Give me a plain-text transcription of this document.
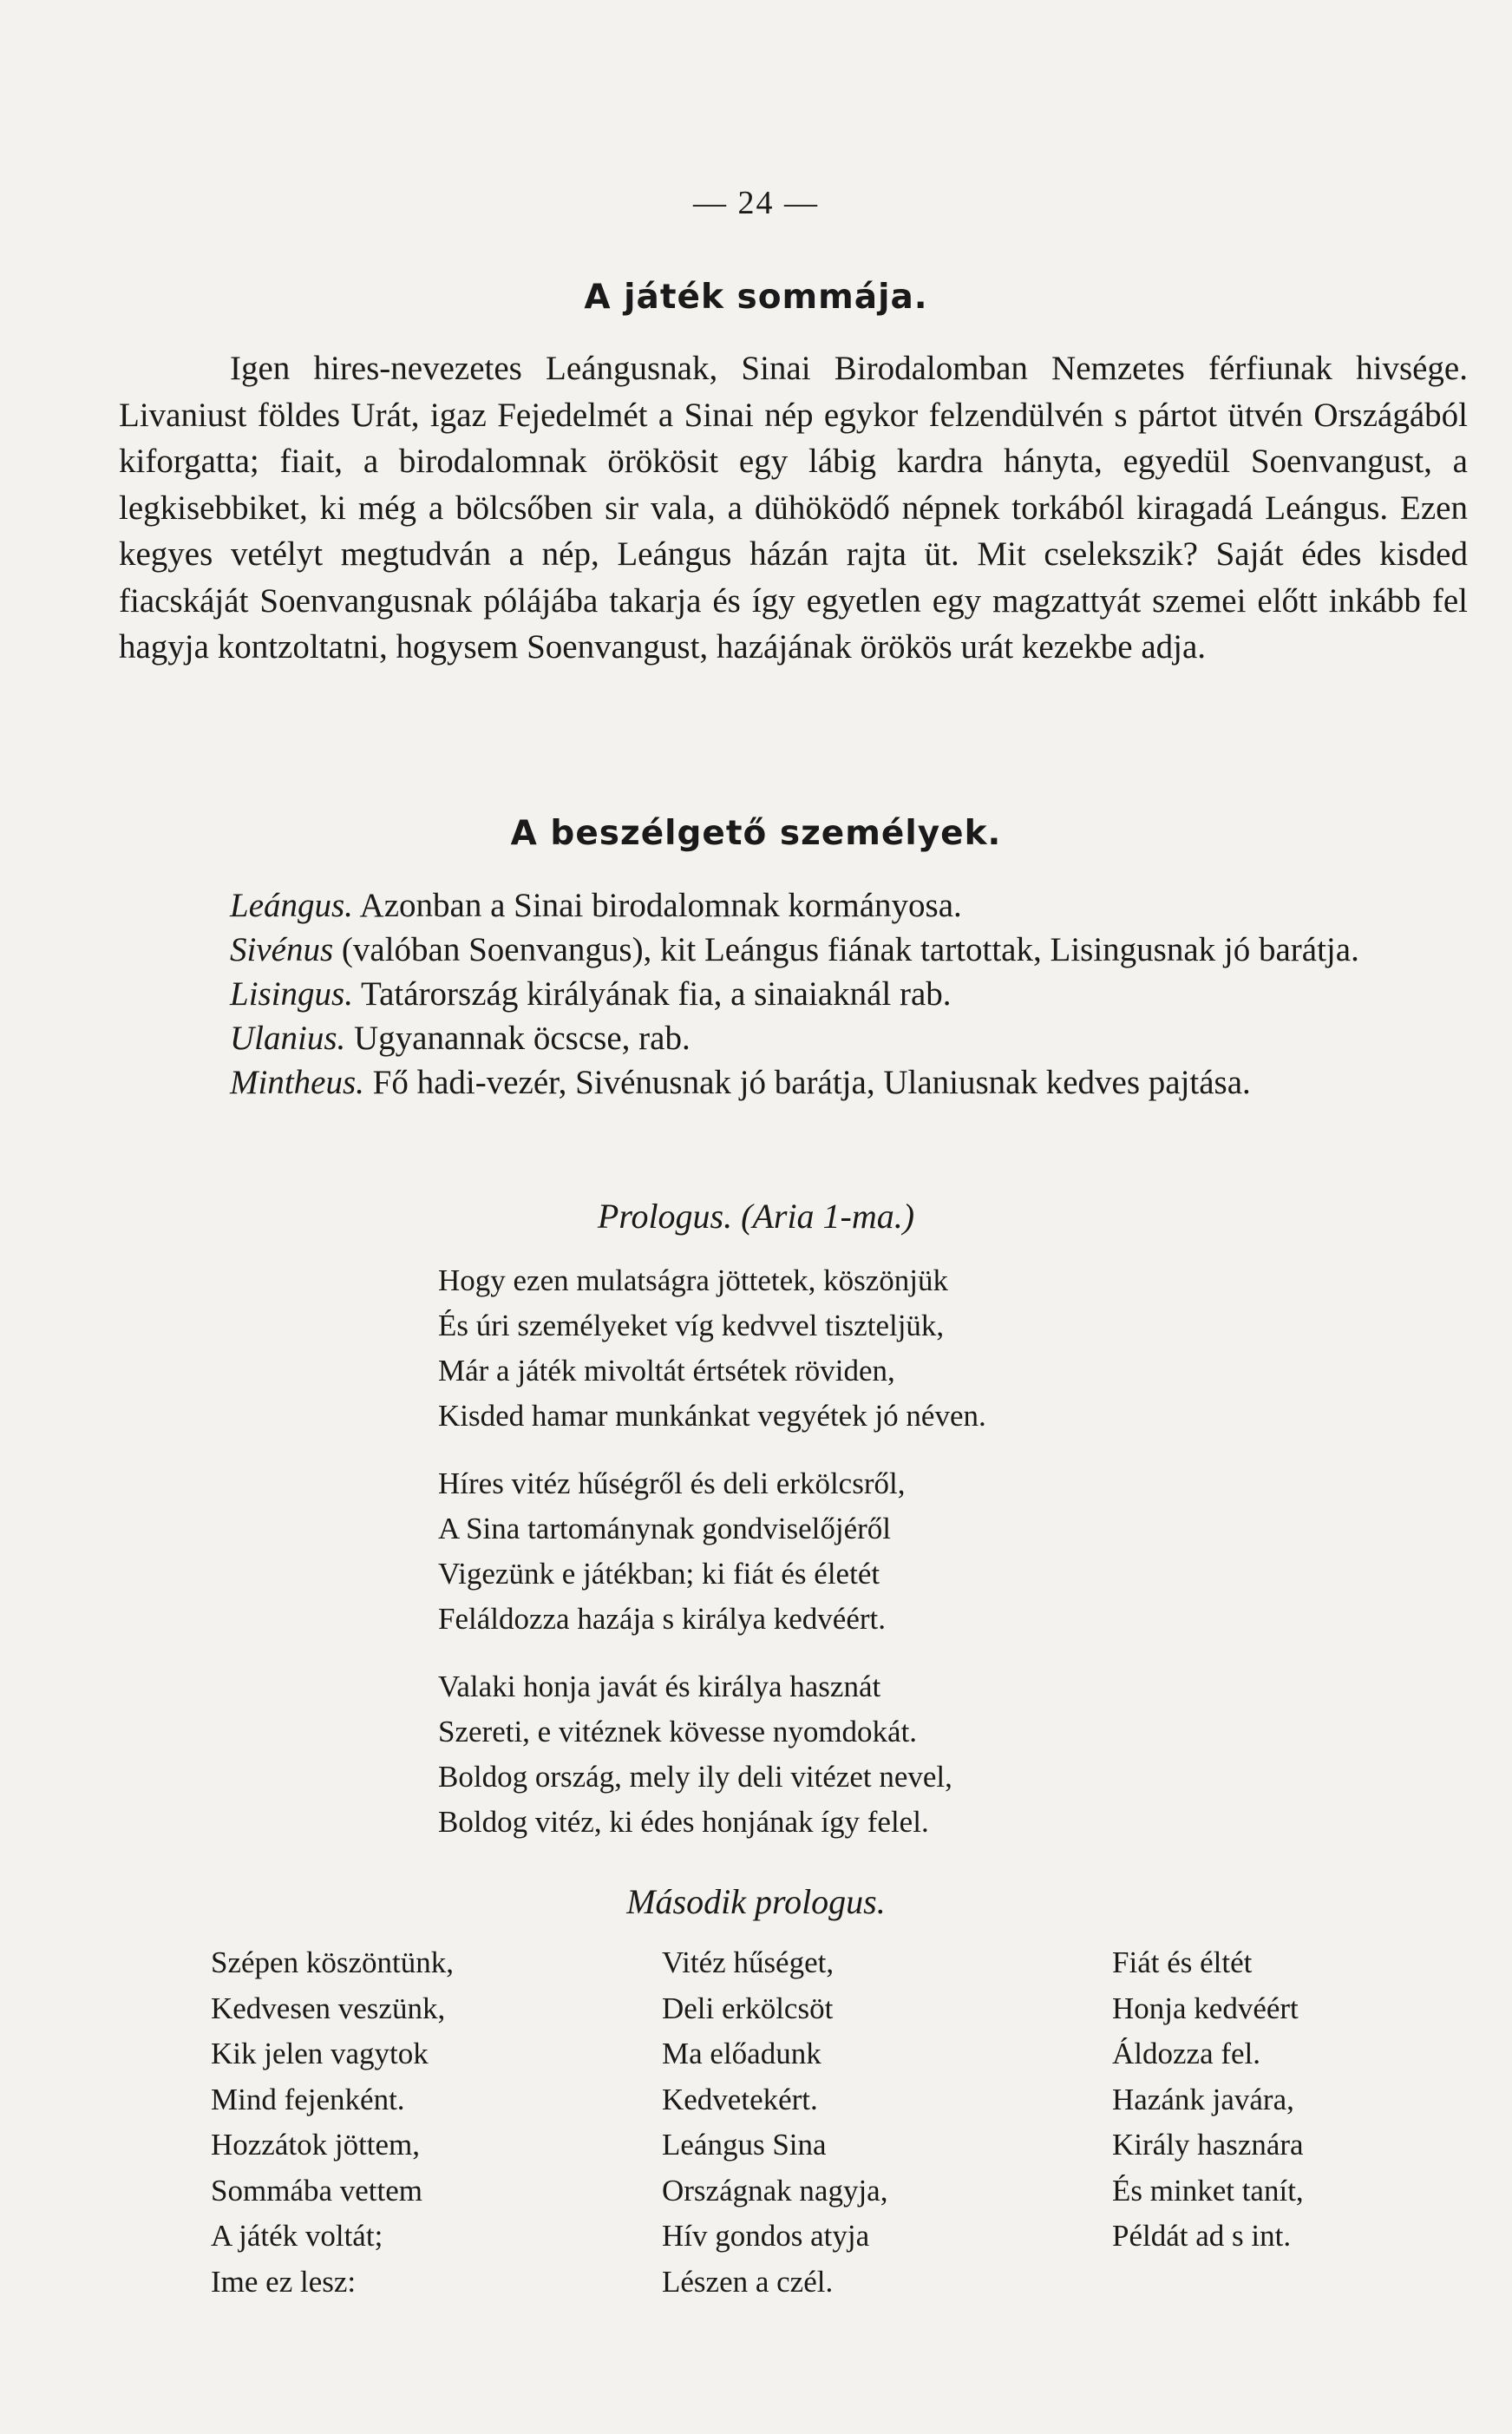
— 24 —
A játék sommája.

Igen hires-nevezetes Leángusnak, Sinai Birodalomban Nemzetes férfiunak hivsége. Livaniust földes Urát, igaz Fejedelmét a Sinai nép egykor felzendülvén s pártot ütvén Országából kiforgatta; fiait, a birodalomnak örökösit egy lábig kardra hányta, egyedül Soenvangust, a legkisebbiket, ki még a bölcsőben sir vala, a dühöködő népnek torkából kiragadá Leángus. Ezen kegyes vetélyt megtudván a nép, Leángus házán rajta üt. Mit cselekszik? Saját édes kisded fiacskáját Soenvangusnak pólájába takarja és így egyetlen egy magzattyát szemei előtt inkább fel hagyja kontzoltatni, hogysem Soenvangust, hazájának örökös urát kezekbe adja.

A beszélgető személyek.

Leángus. Azonban a Sinai birodalomnak kormányosa.

Sivénus (valóban Soenvangus), kit Leángus fiának tartottak, Lisingusnak jó barátja.

Lisingus. Tatárország királyának fia, a sinaiaknál rab.

Ulanius. Ugyanannak öcscse, rab.

Mintheus. Fő hadi-vezér, Sivénusnak jó barátja, Ulaniusnak kedves pajtása.

Prologus. (Aria 1-ma.)
Hogy ezen mulatságra jöttetek, köszönjük
És úri személyeket víg kedvvel tiszteljük,
Már a játék mivoltát értsétek röviden,
Kisded hamar munkánkat vegyétek jó néven.
Híres vitéz hűségről és deli erkölcsről,
A Sina tartománynak gondviselőjéről
Vigezünk e játékban; ki fiát és életét
Feláldozza hazája s királya kedvéért.
Valaki honja javát és királya hasznát
Szereti, e vitéznek kövesse nyomdokát.
Boldog ország, mely ily deli vitézet nevel,
Boldog vitéz, ki édes honjának így felel.
Második prologus.
Szépen köszöntünk,
Kedvesen veszünk,
Kik jelen vagytok
Mind fejenként.
Hozzátok jöttem,
Sommába vettem
A játék voltát;
Ime ez lesz:
Vitéz hűséget,
Deli erkölcsöt
Ma előadunk
Kedvetekért.
Leángus Sina
Országnak nagyja,
Hív gondos atyja
Lészen a czél.
Fiát és éltét
Honja kedvéért
Áldozza fel.
Hazánk javára,
Király hasznára
És minket tanít,
Példát ad s int.
